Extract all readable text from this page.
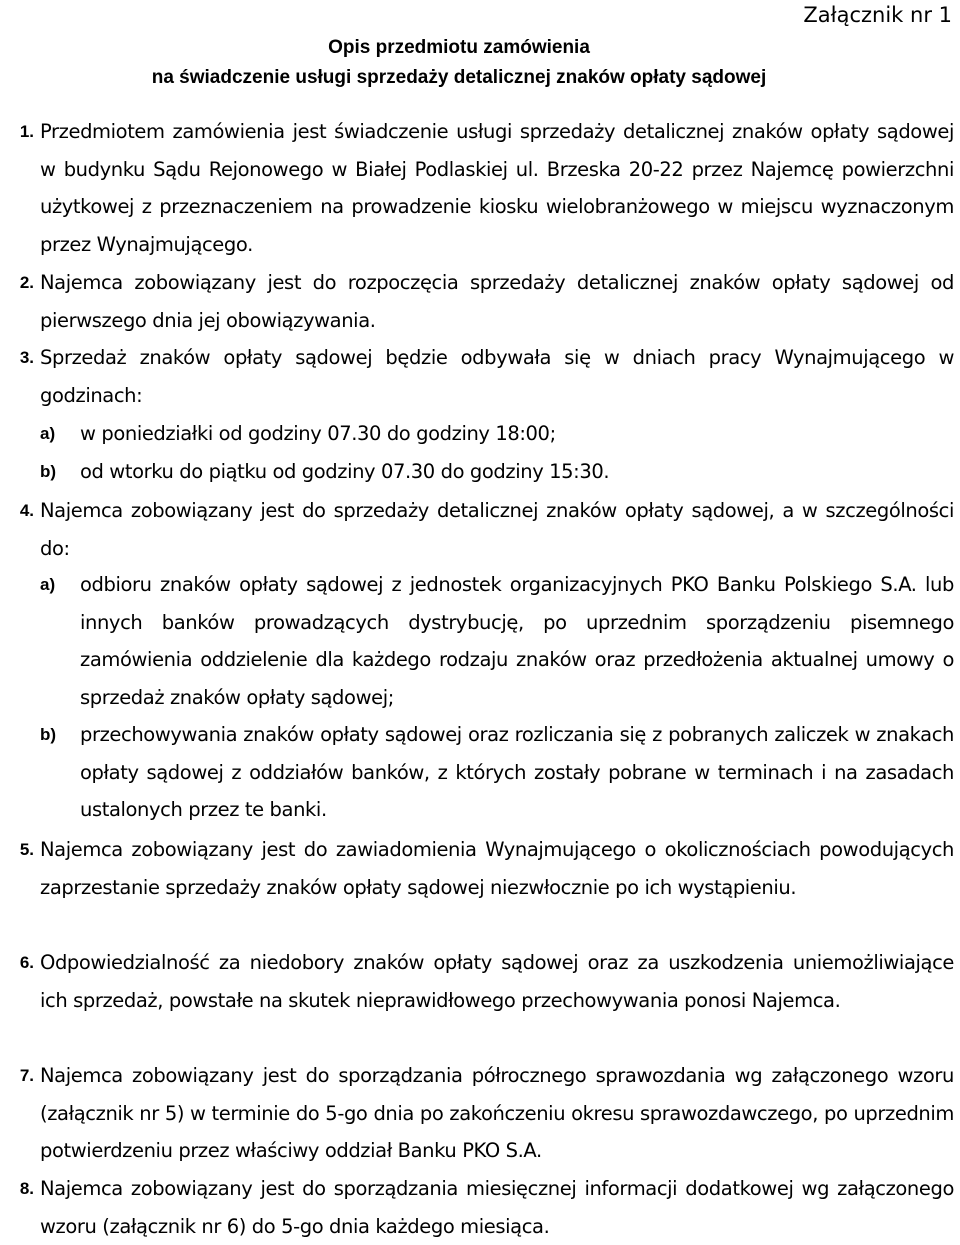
Załącznik nr 1
Opis przedmiotu zamówienia
na świadczenie usługi sprzedaży detalicznej znaków opłaty sądowej
1. Przedmiotem zamówienia jest świadczenie usługi sprzedaży detalicznej znaków opłaty sądowej w budynku Sądu Rejonowego w Białej Podlaskiej ul. Brzeska 20-22 przez Najemcę powierzchni użytkowej z przeznaczeniem na prowadzenie kiosku wielobranżowego w miejscu wyznaczonym przez Wynajmującego.

2. Najemca zobowiązany jest do rozpoczęcia sprzedaży detalicznej znaków opłaty sądowej od pierwszego dnia jej obowiązywania.

3. Sprzedaż znaków opłaty sądowej będzie odbywała się w dniach pracy Wynajmującego w godzinach:

a) w poniedziałki od godziny 07.30 do godziny 18:00;

b) od wtorku do piątku od godziny 07.30 do godziny 15:30.

4. Najemca zobowiązany jest do sprzedaży detalicznej znaków opłaty sądowej, a w szczególności do:

a) odbioru znaków opłaty sądowej z jednostek organizacyjnych PKO Banku Polskiego S.A. lub innych banków prowadzących dystrybucję, po uprzednim sporządzeniu pisemnego zamówienia oddzielenie dla każdego rodzaju znaków oraz przedłożenia aktualnej umowy o sprzedaż znaków opłaty sądowej;

b) przechowywania znaków opłaty sądowej oraz rozliczania się z pobranych zaliczek w znakach opłaty sądowej z oddziałów banków, z których zostały pobrane w terminach i na zasadach ustalonych przez te banki.

5. Najemca zobowiązany jest do zawiadomienia Wynajmującego o okolicznościach powodujących zaprzestanie sprzedaży znaków opłaty sądowej niezwłocznie po ich wystąpieniu.

6. Odpowiedzialność za niedobory znaków opłaty sądowej oraz za uszkodzenia uniemożliwiające ich sprzedaż, powstałe na skutek nieprawidłowego przechowywania ponosi Najemca.

7. Najemca zobowiązany jest do sporządzania półrocznego sprawozdania wg załączonego wzoru (załącznik nr 5) w terminie do 5-go dnia po zakończeniu okresu sprawozdawczego, po uprzednim potwierdzeniu przez właściwy oddział Banku PKO S.A.

8. Najemca zobowiązany jest do sporządzania miesięcznej informacji dodatkowej wg załączonego wzoru (załącznik nr 6) do 5-go dnia każdego miesiąca.
